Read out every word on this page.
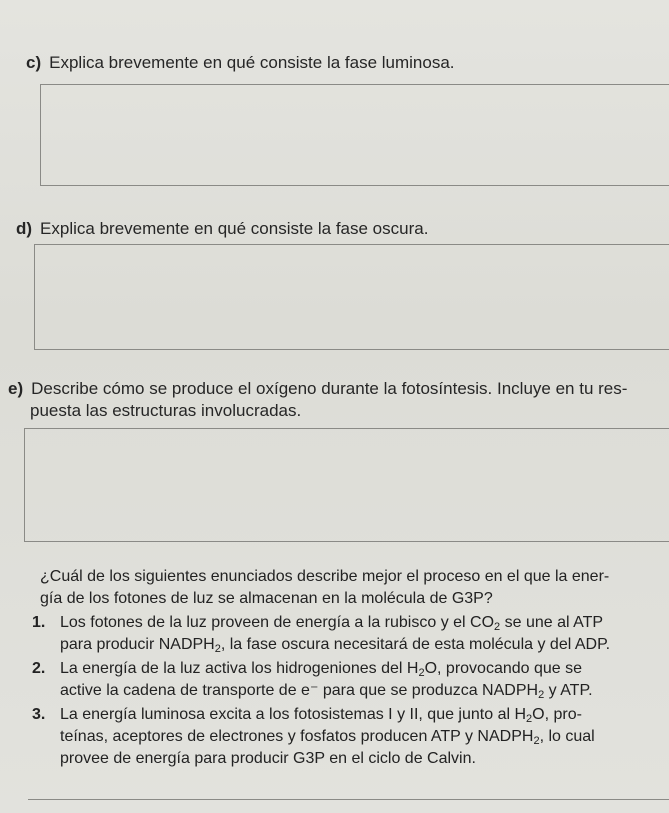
c) Explica brevemente en qué consiste la fase luminosa.
d) Explica brevemente en qué consiste la fase oscura.
e) Describe cómo se produce el oxígeno durante la fotosíntesis. Incluye en tu res-
puesta las estructuras involucradas.
¿Cuál de los siguientes enunciados describe mejor el proceso en el que la ener-
gía de los fotones de luz se almacenan en la molécula de G3P?
1. Los fotones de la luz proveen de energía a la rubisco y el $CO_2$ se une al ATP
para producir $NADPH_2$, la fase oscura necesitará de esta molécula y del ADP.
2. La energía de la luz activa los hidrogeniones del $H_2O$, provocando que se
active la cadena de transporte de e⁻ para que se produzca $NADPH_2$ y ATP.
3. La energía luminosa excita a los fotosistemas I y II, que junto al $H_2O$, pro-
teínas, aceptores de electrones y fosfatos producen ATP y $NADPH_2$, lo cual
provee de energía para producir G3P en el ciclo de Calvin.
